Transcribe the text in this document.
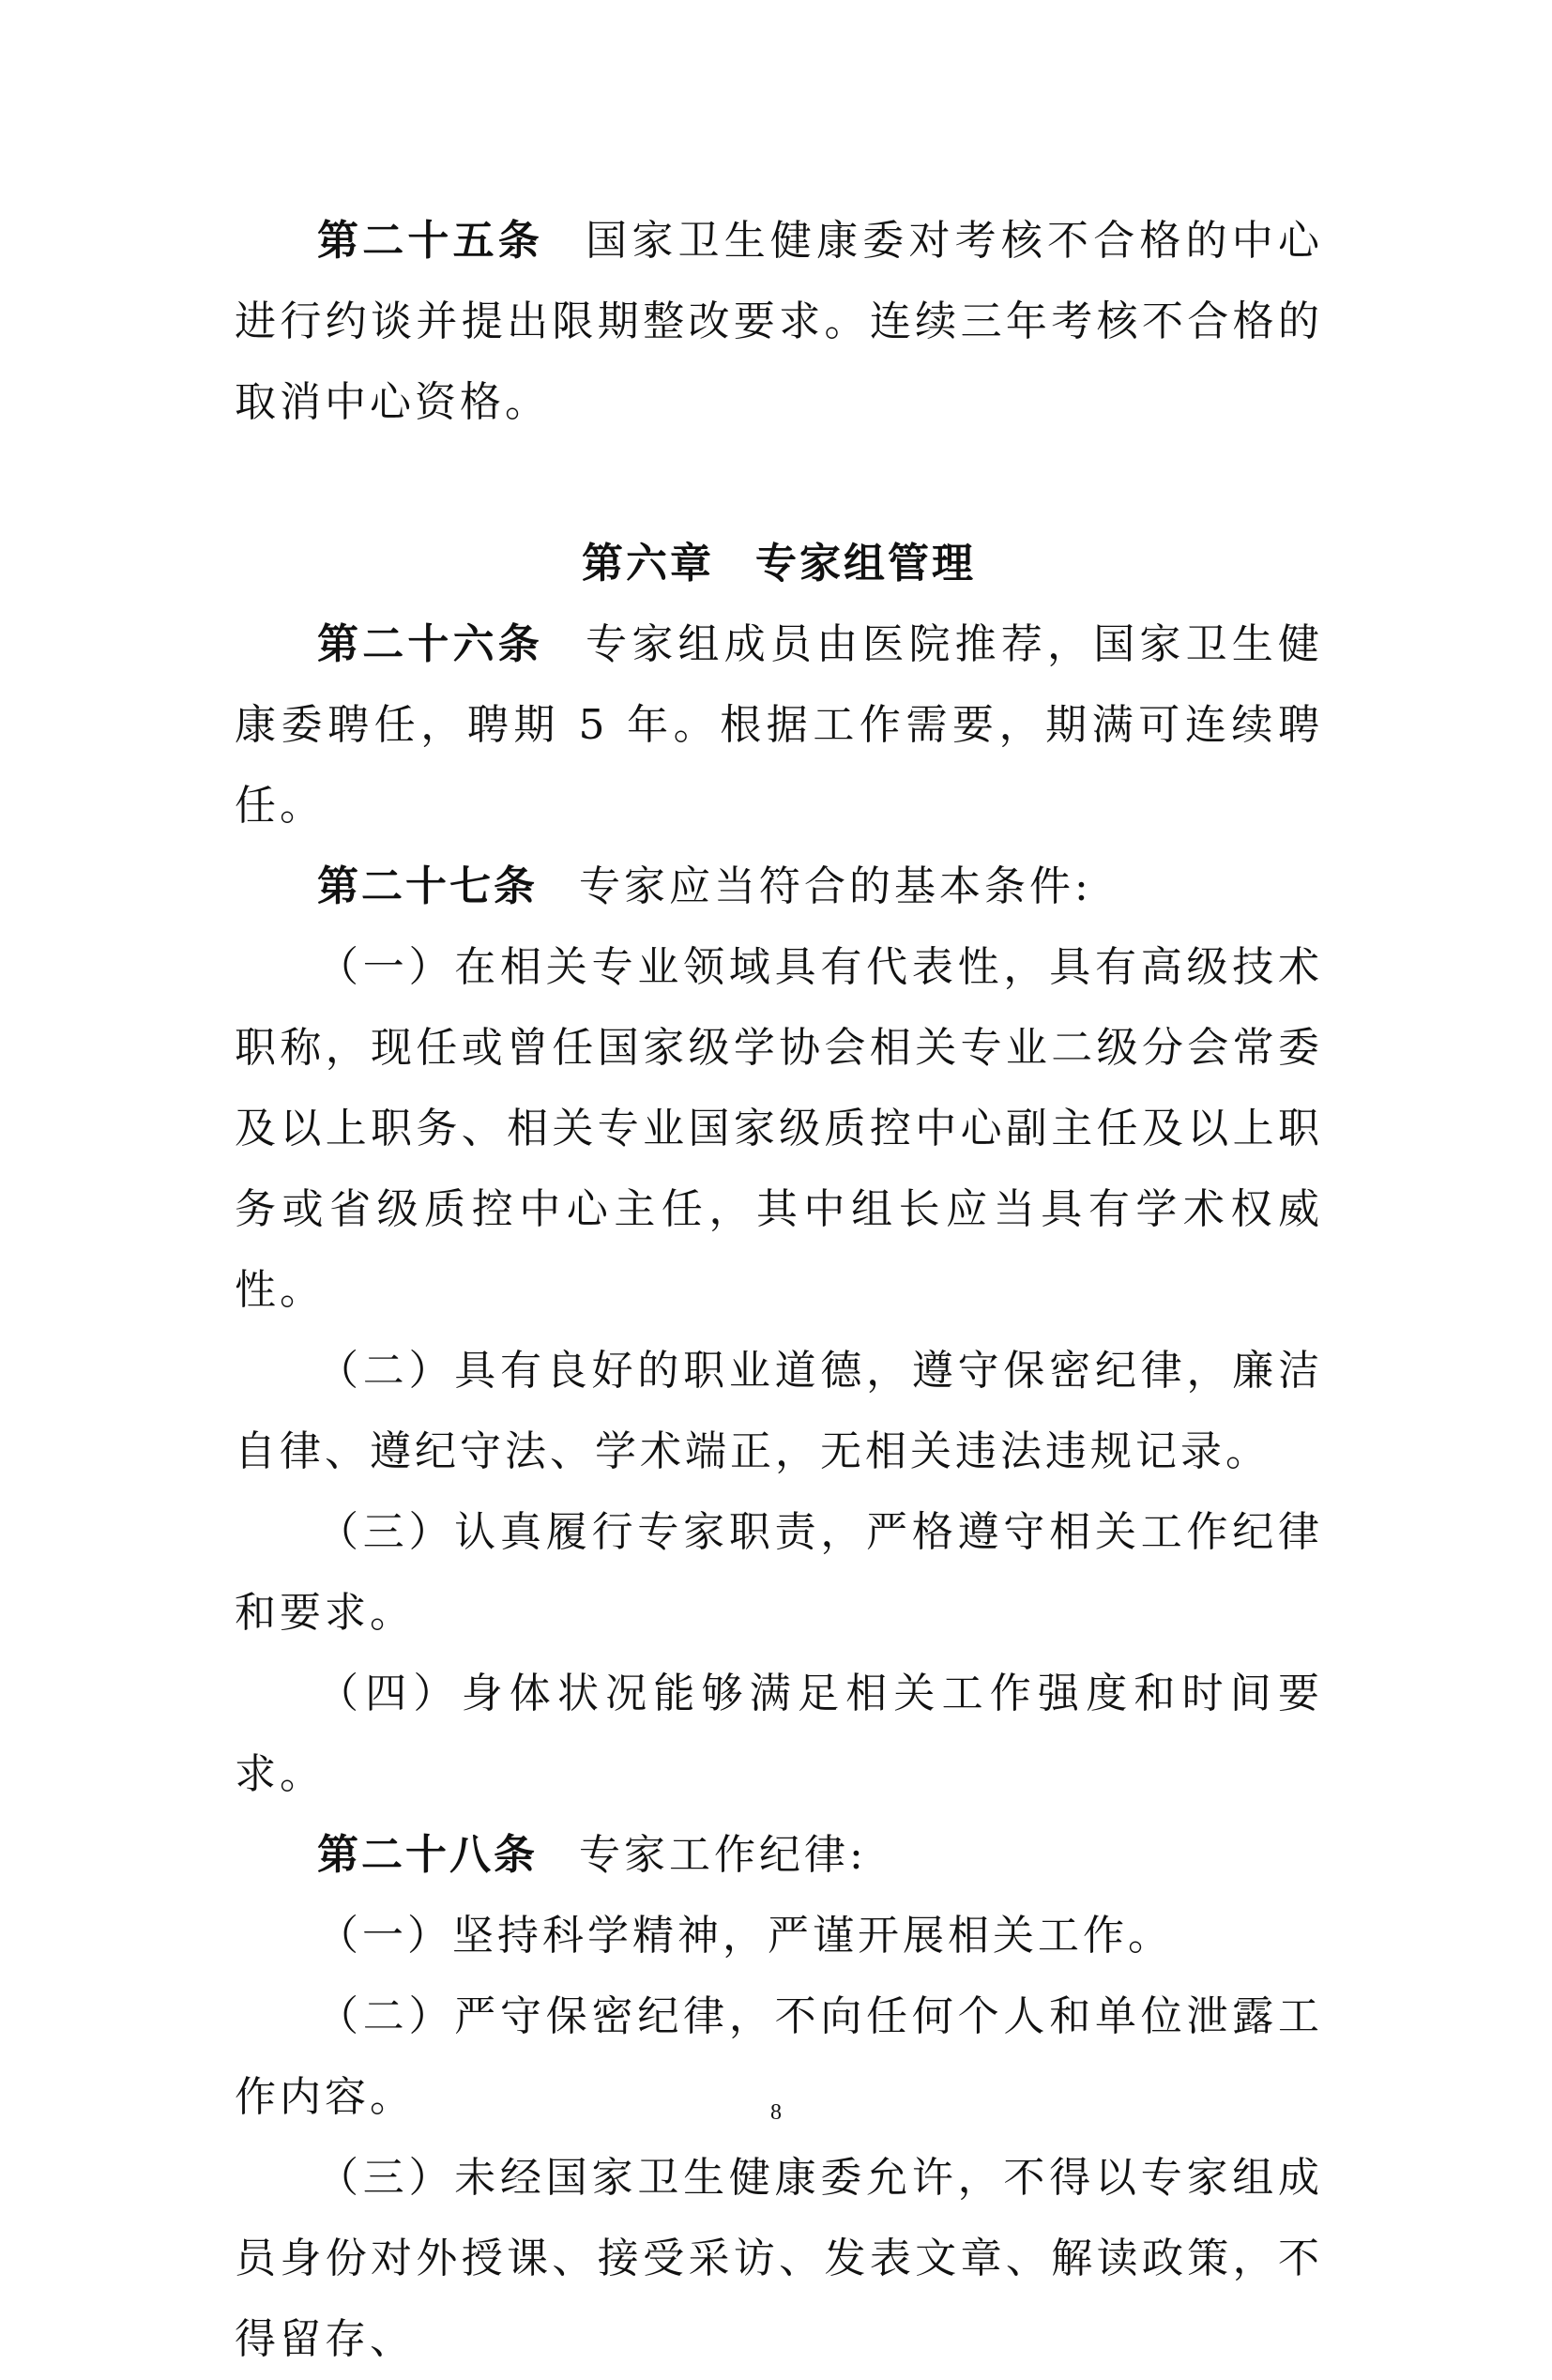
第二十五条 国家卫生健康委对考核不合格的中心进行约谈并提出限期整改要求。连续三年考核不合格的取消中心资格。

第六章 专家组管理

第二十六条 专家组成员由医院推荐，国家卫生健康委聘任，聘期 5 年。根据工作需要，期满可连续聘任。

第二十七条 专家应当符合的基本条件:

（一）在相关专业领域具有代表性，具有高级技术职称，现任或曾任国家级学协会相关专业二级分会常委及以上职务、相关专业国家级质控中心副主任及以上职务或省级质控中心主任，其中组长应当具有学术权威性。

（二）具有良好的职业道德，遵守保密纪律，廉洁自律、遵纪守法、学术端正，无相关违法违规记录。

（三）认真履行专家职责，严格遵守相关工作纪律和要求。

（四）身体状况能够满足相关工作强度和时间要求。

第二十八条 专家工作纪律:

（一）坚持科学精神，严谨开展相关工作。

（二）严守保密纪律，不向任何个人和单位泄露工作内容。

（三）未经国家卫生健康委允许，不得以专家组成员身份对外授课、接受采访、发表文章、解读政策，不得留存、

8
